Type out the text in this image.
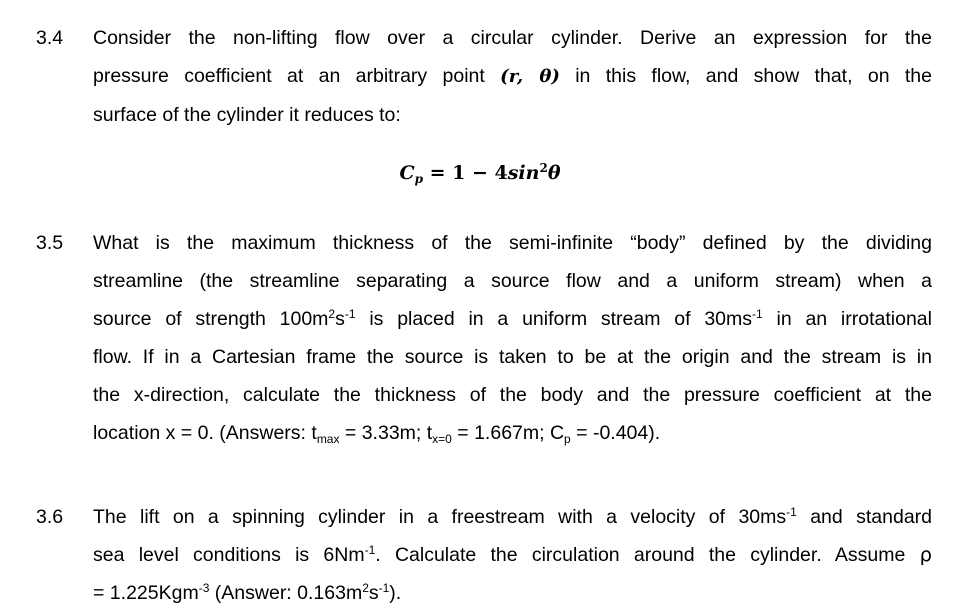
3.4 Consider the non-lifting flow over a circular cylinder. Derive an expression for the
pressure coefficient at an arbitrary point (r, θ) in this flow, and show that, on the
surface of the cylinder it reduces to:
$C_p = 1 - 4\sin^2\theta$
3.5 What is the maximum thickness of the semi-infinite “body” defined by the dividing
streamline (the streamline separating a source flow and a uniform stream) when a
source of strength $100m^2s^{-1}$ is placed in a uniform stream of $30ms^{-1}$ in an irrotational
flow. If in a Cartesian frame the source is taken to be at the origin and the stream is in
the x-direction, calculate the thickness of the body and the pressure coefficient at the
location x = 0. (Answers: $t_{max} = 3.33m$; $t_{x=0} = 1.667m$; $C_p = -0.404$).
3.6 The lift on a spinning cylinder in a freestream with a velocity of $30ms^{-1}$ and standard
sea level conditions is $6Nm^{-1}$. Calculate the circulation around the cylinder. Assume ρ
= 1.225Kgm$^{-3}$ (Answer: $0.163m^2s^{-1}$).
